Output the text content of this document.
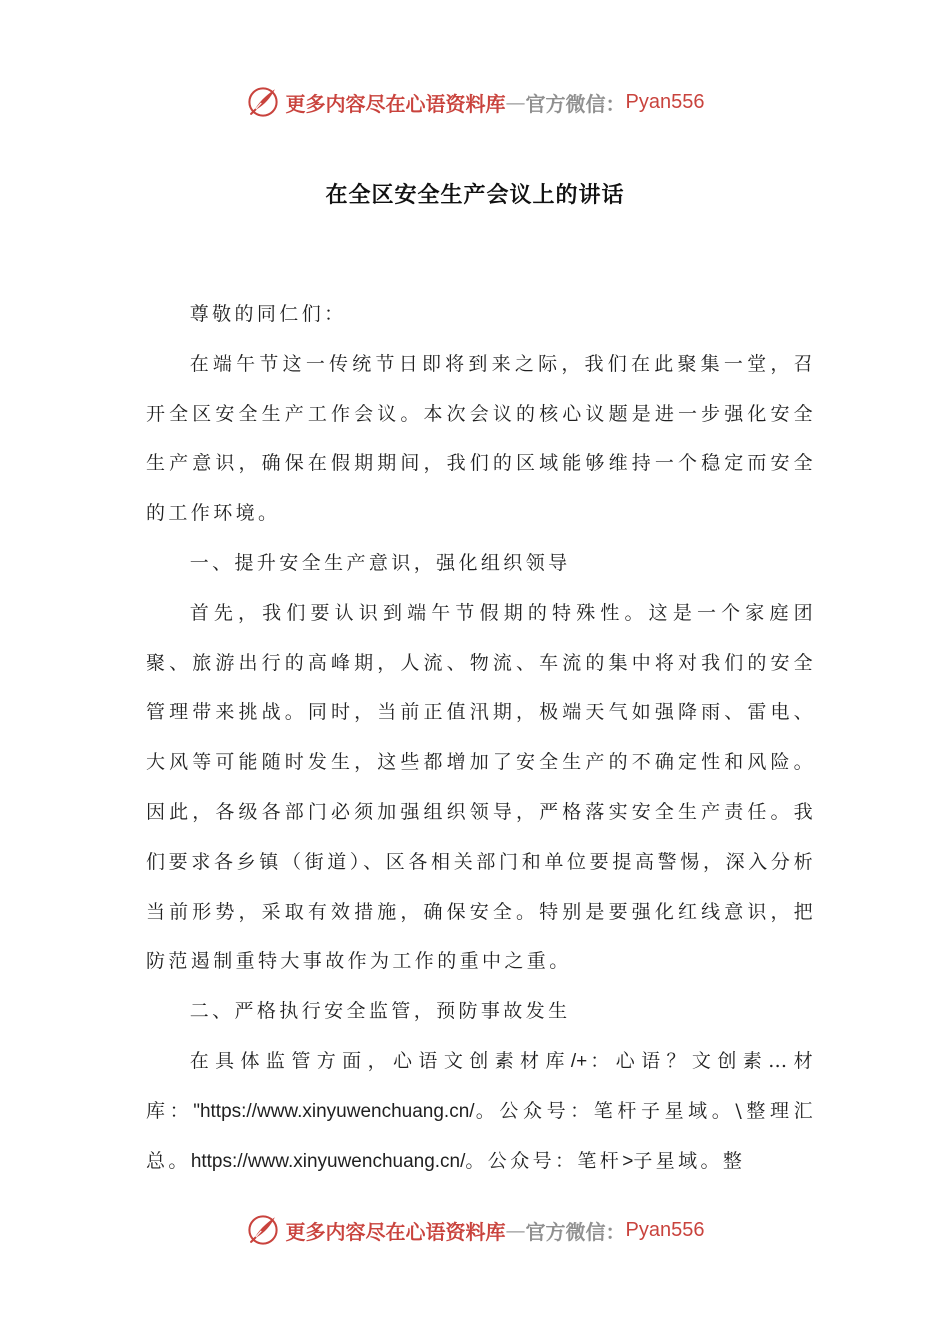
更多内容尽在心语资料库 — 官方微信： Pyan556
在全区安全生产会议上的讲话

尊敬的同仁们：

在端午节这一传统节日即将到来之际，我们在此聚集一堂，召开全区安全生产工作会议。本次会议的核心议题是进一步强化安全生产意识，确保在假期期间，我们的区域能够维持一个稳定而安全的工作环境。

一、提升安全生产意识，强化组织领导

首先，我们要认识到端午节假期的特殊性。这是一个家庭团聚、旅游出行的高峰期，人流、物流、车流的集中将对我们的安全管理带来挑战。同时，当前正值汛期，极端天气如强降雨、雷电、大风等可能随时发生，这些都增加了安全生产的不确定性和风险。因此，各级各部门必须加强组织领导，严格落实安全生产责任。我们要求各乡镇（街道）、区各相关部门和单位要提高警惕，深入分析当前形势，采取有效措施，确保安全。特别是要强化红线意识，把防范遏制重特大事故作为工作的重中之重。

二、严格执行安全监管，预防事故发生

在具体监管方面，心语文创素材库/+：心语？文创素…材库："https://www.xinyuwenchuang.cn/。公众号：笔杆子星域。\整理汇总。https://www.xinyuwenchuang.cn/。公众号：笔杆>子星域。整

更多内容尽在心语资料库 — 官方微信： Pyan556
